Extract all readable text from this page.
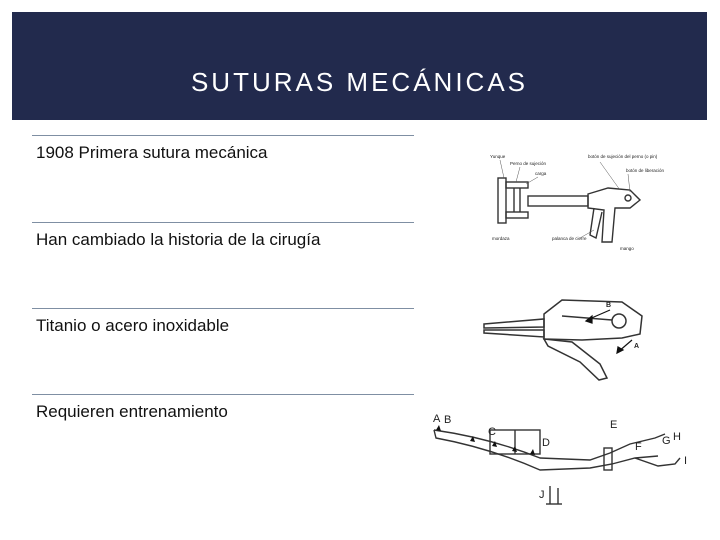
SUTURAS MECÁNICAS
1908 Primera sutura mecánica
Han cambiado la historia de la cirugía
Titanio o acero inoxidable
Requieren entrenamiento
Yunque
Perno de sujeción
carga
botón de sujeción del perno (o pin)
botón de liberación
mordaza	palanca de cierre
mango
B
A
A B
C
D
E
F G H
I
J
